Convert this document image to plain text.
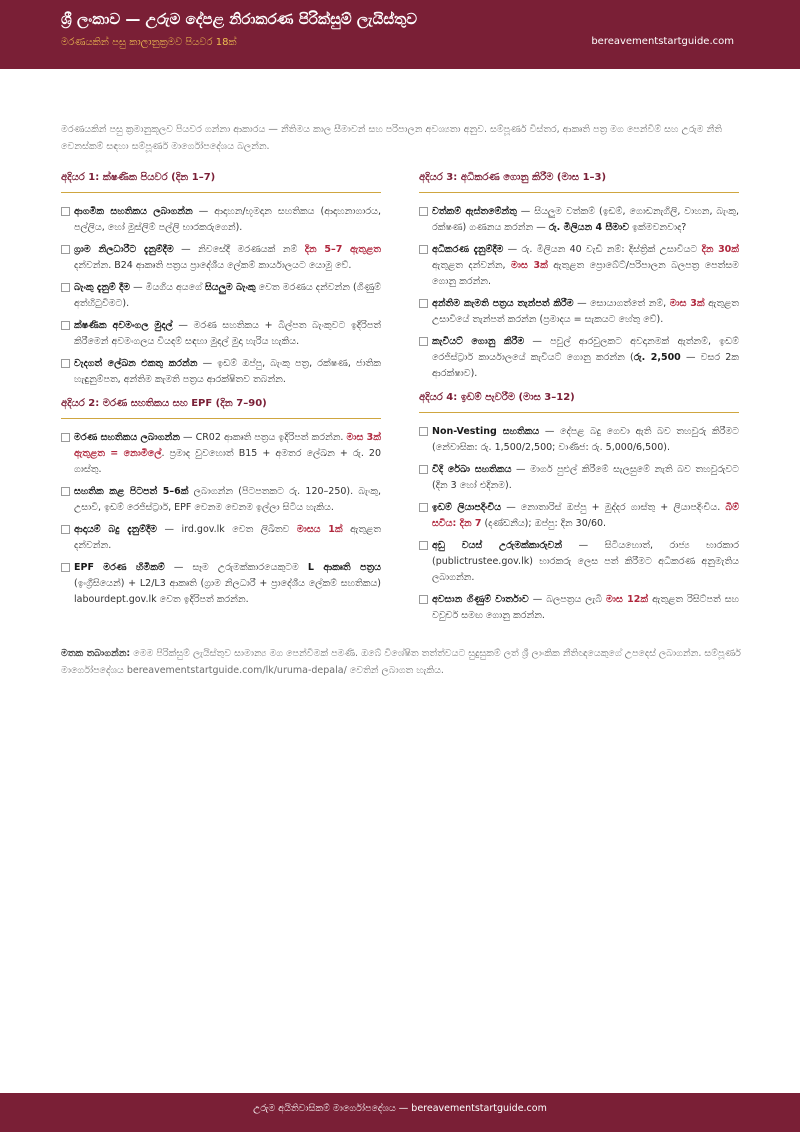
ශ්‍රී ලංකාව — උරුම දේපළ නිරාකරණ පිරික්සුම් ලැයිස්තුව
මරණයකින් පසු කාලානුක්‍රමව පියවර 18ක්	bereavementstartguide.com

මරණයකින් පසු ක්‍රමානුකූලව පියවර ගන්නා ආකාරය — නීතිමය කාල සීමාවන් සහ පරිපාලන අවශ්‍යතා අනුව. සම්පූර්ණ විස්තර, ආකෘති පත්‍ර මග පෙන්වීම් සහ උරුම නීති වෙනස්කම් සඳහා සම්පූර්ණ මාර්ගෝපදේශය බලන්න.

අදියර 1: ක්ෂණික පියවර (දින 1–7)
ආගමික සහතිකය ලබාගන්න — ආදාහන/භූමදාන සහතිකය (ආදාහනාගාරය, පල්ලිය, හෝ මුස්ලිම් පල්ලි භාරකරුගෙන්).
ග්‍රාම නිලධාරීට දැනුම්දීම — නිවසේදී මරණයක් නම් දින 5–7 ඇතුළත දන්වන්න. B24 ආකෘති පත්‍රය ප්‍රාදේශීය ලේකම් කාර්යාලයට යොමු වේ.
බැංකු දැනුම් දීම — මියගිය අයගේ සියලුම බැංකු වෙත මරණය දන්වන්න (ගිණුම් අත්හිටුවීමට).
ක්ෂණික අවමංගල මුදල් — මරණ සහතිකය + බිල්පත බැංකුවට ඉදිරිපත් කිරීමෙන් අවමංගලය වියදම් සඳහා මුදල් මුදා හැරිය හැකිය.
වැදගත් ලේඛන එකතු කරන්න — ඉඩම් ඔප්පු, බැංකු පත්‍ර, රක්ෂණ, ජාතික හැඳුනුම්පත, අන්තිම කැමති පත්‍රය ආරක්ෂිතව තබන්න.
අදියර 2: මරණ සහතිකය සහ EPF (දින 7–90)
මරණ සහතිකය ලබාගන්න — CR02 ආකෘති පත්‍රය ඉදිරිපත් කරන්න. මාස 3ක් ඇතුළත = නොමිලේ. ප්‍රමාද වුවහොත් B15 + අමතර ලේඛන + රු. 20 ගාස්තු.
සහතික කළ පිටපත් 5–6ක් ලබාගන්න (පිටපතකට රු. 120–250). බැංකු, උසාවි, ඉඩම් රෙජිස්ට්‍රාර්, EPF වෙනම වෙනම ඉල්ලා සිටිය හැකිය.
ආදායම් බදු දැනුම්දීම — ird.gov.lk වෙත ලිඛිතව මාසය 1ක් ඇතුළත දන්වන්න.
EPF මරණ හිමිකම් — සෑම උරුමක්කාරයෙකුටම L ආකෘති පත්‍රය (ඉංග්‍රීසියෙන්) + L2/L3 ආකෘති (ග්‍රාම නිලධාරී + ප්‍රාදේශීය ලේකම් සහතිකය) labourdept.gov.lk වෙත ඉදිරිපත් කරන්න.
අදියර 3: අධිකරණ ගොනු කිරීම (මාස 1–3)
වත්කම් ඇස්තමේන්තු — සියලුම වත්කම් (ඉඩම්, ගොඩනැගිලි, වාහන, බැංකු, රක්ෂණ) ගණනය කරන්න — රු. මිලියන 4 සීමාව ඉක්මවනවාද?
අධිකරණ දැනුම්දීම — රු. මිලියන 40 වැඩි නම්: දිස්ත්‍රික් උසාවියට දින 30ක් ඇතුළත දන්වන්න, මාස 3ක් ඇතුළත ප්‍රොබේට්/පරිපාලන බලපත්‍ර පෙත්සම ගොනු කරන්න.
අන්තිම කැමති පත්‍රය තැන්පත් කිරීම — සොයාගත්තේ නම්, මාස 3ක් ඇතුළත උසාවියේ තැන්පත් කරන්න (ප්‍රමාදය = සැකයට හේතු වේ).
කැවියට් ගොනු කිරීම — පවුල් ආරවුලකට අවදානමක් ඇත්නම්, ඉඩම් රෙජිස්ට්‍රාර් කාර්යාලයේ කැවියට් ගොනු කරන්න (රු. 2,500 — වසර 2ක ආරක්ෂාව).
අදියර 4: ඉඩම් පැවරීම (මාස 3–12)
Non-Vesting සහතිකය — දේපළ බදු ගෙවා ඇති බව තහවුරු කිරීමට (නේවාසික: රු. 1,500/2,500; වාණිජ: රු. 5,000/6,500).
වීදි රේඛා සහතිකය — මාර්ග පුළුල් කිරීමේ සැලසුමේ නැති බව තහවුරුවට (දින 3 හෝ එදිනම).
ඉඩම් ලියාපදිංචිය — නොතාරිස් ඔප්පු + මුද්දර ගාස්තු + ලියාපදිංචිය. බිම් සවිය: දින 7 (දණ්ඩනීය); ඔප්පු: දින 30/60.
අඩු වයස් උරුමක්කාරුවන් — සිටියහොත්, රාජ්‍ය භාරකාර (publictrustee.gov.lk) භාරකරු ලෙස පත් කිරීමට අධිකරණ අනුමැතිය ලබාගන්න.
අවසාන ගිණුම් වාර්තාව — බලපත්‍රය ලැබී මාස 12ක් ඇතුළත රිසිට්පත් සහ වවුචර් සමඟ ගොනු කරන්න.

මතක තබාගන්න: මෙම පිරික්සුම් ලැයිස්තුව සාමාන්‍ය මග පෙන්වීමක් පමණි. ඔබේ විශේෂිත තත්ත්වයට සුදුසුකම් ලත් ශ්‍රී ලාංකික නීතිඥයෙකුගේ උපදෙස් ලබාගන්න. සම්පූර්ණ මාර්ගෝපදේශය bereavementstartguide.com/lk/uruma-depala/ වෙතින් ලබාගත හැකිය.

උරුම අයිතිවාසිකම් මාර්ගෝපදේශය — bereavementstartguide.com
